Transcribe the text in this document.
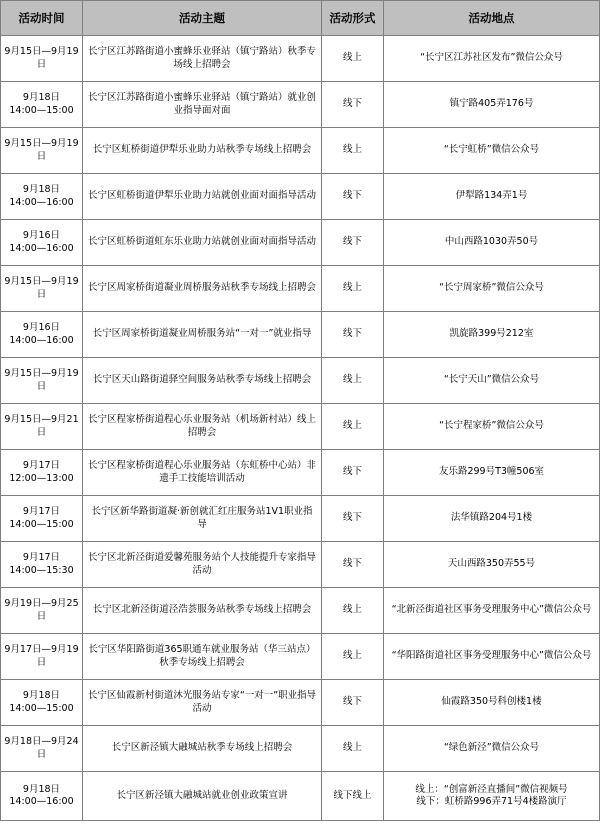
活动时间	活动主题	活动形式	活动地点
9月15日—9月19日	长宁区江苏路街道小蜜蜂乐业驿站（镇宁路站）秋季专场线上招聘会	线上	“长宁区江苏社区发布”微信公众号
9月18日
14:00—15:00	长宁区江苏路街道小蜜蜂乐业驿站（镇宁路站）就业创业指导面对面	线下	镇宁路405弄176号
9月15日—9月19日	长宁区虹桥街道伊犁乐业助力站秋季专场线上招聘会	线上	“长宁虹桥”微信公众号
9月18日
14:00—16:00	长宁区虹桥街道伊犁乐业助力站就创业面对面指导活动	线下	伊犁路134弄1号
9月16日
14:00—16:00	长宁区虹桥街道虹东乐业助力站就创业面对面指导活动	线下	中山西路1030弄50号
9月15日—9月19日	长宁区周家桥街道凝业周桥服务站秋季专场线上招聘会	线上	“长宁周家桥”微信公众号
9月16日
14:00—16:00	长宁区周家桥街道凝业周桥服务站“一对一”就业指导	线下	凯旋路399号212室
9月15日—9月19日	长宁区天山路街道驿空间服务站秋季专场线上招聘会	线上	“长宁天山”微信公众号
9月15日—9月21日	长宁区程家桥街道程心乐业服务站（机场新村站）线上招聘会	线上	“长宁程家桥”微信公众号
9月17日
12:00—13:00	长宁区程家桥街道程心乐业服务站（东虹桥中心站）非遗手工技能培训活动	线下	友乐路299号T3幢506室
9月17日
14:00—15:00	长宁区新华路街道凝·新创就汇红庄服务站1V1职业指导	线下	法华镇路204号1楼
9月17日
14:00—15:30	长宁区北新泾街道爱馨苑服务站个人技能提升专家指导活动	线下	天山西路350弄55号
9月19日—9月25日	长宁区北新泾街道泾浩荟服务站秋季专场线上招聘会	线上	“北新泾街道社区事务受理服务中心”微信公众号
9月17日—9月19日	长宁区华阳路街道365职通车就业服务站（华三站点）秋季专场线上招聘会	线上	“华阳路街道社区事务受理服务中心”微信公众号
9月18日
14:00—15:00	长宁区仙霞新村街道沐光服务站专家“一对一”职业指导活动	线下	仙霞路350号科创楼1楼
9月18日—9月24日	长宁区新泾镇大融城站秋季专场线上招聘会	线上	“绿色新泾”微信公众号
9月18日
14:00—16:00	长宁区新泾镇大融城站就业创业政策宣讲	线下线上	线上：“创富新泾直播间”微信视频号
线下：虹桥路996弄71号4楼路演厅
